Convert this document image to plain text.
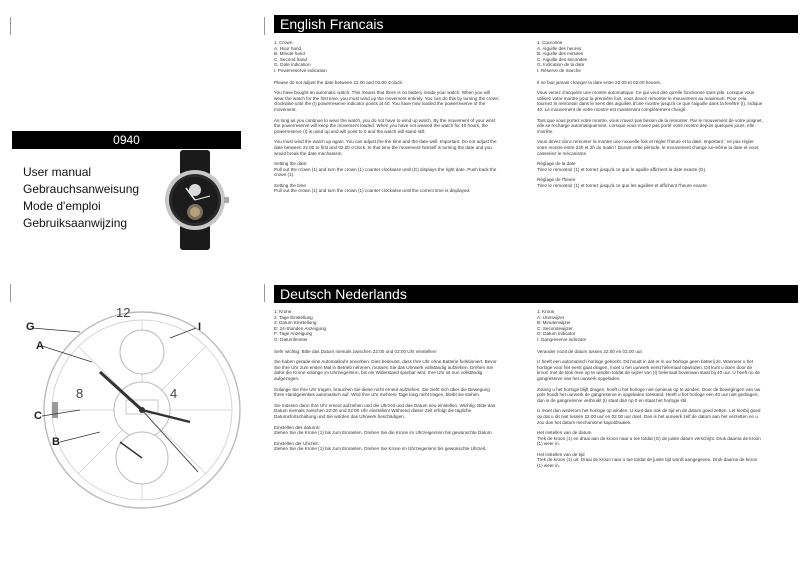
0940
User manual
Gebrauchsanweisung
Mode d'emploi
Gebruiksaanwijzing
English Francais
1. Crown
A. Hour hand
B. Minute hand
C. Second hand
G. Date indication
I. Powerreserve indication

Please do not adjust the date between 22.00 and 02.00 o'clock.

You have bought an automatic watch. This means that there is no battery inside your watch. When you will wear the watch for the first time, you must wind up the movement entirely. You can do this by turning the crown clockwise until the (I) powerreserve indicator points at 40. You have now loaded the powerreserve of the movement.

As long as you continue to wear the watch, you do not have to wind up watch. By the movement of your wrist the powerreserve will keep the movement loaded. When you have not weared the watch for 40 hours, the powerreserve (I) is used up and will point to 0 and the watch will stand still.

You must wind the watch up again. You can adjust the the time and the date well. Important: Do not adjust the date between 22.00 to first and 02.00 o'clock. In that time the movement himself is turning the date and you would break the date mechanism.

Setting the date:

Pull out the crown (1) and turn the crown (1) counter clockwise until (G) displays the right date. Push back the crown (1).

Setting the time

Pull out the crown (1) and turn the crown (1) counter clockwise until the correct time is displayed.

1. Couronne
A. Aiguille des heures
B. Aiguille des minutes
C. Aiguille des secondes
G. Indication de la date
I. Réserve de marche

Il ne faut jamais changer la date entre 22.00 et 02.00 heures.

Vous venez d'acquérir une montre automatique. Ce qui veut dire qu'elle fonctionne sans pile. Lorsque vous utilisez votre montre pour la première fois, vous devez remonter le mouvement au maximum. Pour cela, tournez le remontoir dans le sens des aiguilles d'une montre jusqu'à ce que l'aiguille dans la fenêtre (I), indique 40. Le mouvement de votre montre est maintenant complètement chargé.

Tant que vous portez votre montre, vous n'avez pas besoin de la remonter. Par le mouvement de votre poignet, elle se recharge automatiquement. Lorsque vous n'avez pas porté votre montre depuis quelques jours, elle s'arrête.

Vous devez donc remonter la montre une nouvelle fois et régler l'heure et la date. Important : ne pas régler votre montre entre 22h et 2h du matin ! Durant cette période, le mouvement change lui-même la date et vous casseriez le mécanisme.

Réglage de la date

Tirez le remontoir (1) et tornez jusqu'à ce que le aguille affichent la date exacte (G).

Réglage de l'heure

Tirez le remontoir (1) et tornez jusqu'à ce que les aguilles et affichent l'heure exacte.

G
A
C
B
I
12
8	4
Deutsch Nederlands
1: Krone
2: Tage Einstellung
3: Datum Einstellung
E: 24-Stunden Anzeigung
F: Tage Anzeigung
G: Datumfenster

Sehr wichtig: Bitte das Datum niemals zwischen 22:00 und 02:00 Uhr einstellen!

Sie haben gerade eine Automatikuhr erworben. Dies bedeutet, dass Ihre Uhr ohne Batterie funktioniert. Bevor Sie Ihre Uhr zum ersten Mal in Betrieb nehmen, müssen Sie das Uhrwerk vollständig aufziehen. Drehen Sie dafür die Krone solange im Uhrzeigersinn, bis ein Widerstand spürbar wird. Ihre Uhr ist nun vollständig aufgezogen.

Solange Sie Ihre Uhr tragen, brauchen Sie diese nicht erneut aufziehen. Sie zieht sich über die Bewegung Ihres Handgelenkes automatisch auf. Wird Ihre Uhr mehrere Tage lang nicht tragen, bleibt sie stehen.

Sie müssen dann Ihre Uhr erneut aufziehen und die Uhrzeit und das Datum neu einstellen. Wichtig: Bitte das Datum niemals zwischen 22:00 und 02:00 Uhr einstellen! Während dieser Zeit erfolgt die tägliche Datumsfortschaltung und Sie würden das Uhrwerk beschädigen.

Einstellen des datums:

Ziehen Sie die Krone (1) bis zum Einrasten. Drehen Sie die Krone im Uhrzeigersinn bis gewünschte Datum.

Einstellen der Uhrzeit:

Ziehen Sie die Krone (1) bis zum Einrasten. Drehen Sie Krone im Uhrzeigersinn bis gewünschte Uhrzeit.

1: Kroon
A: Urenwijzer
B: Minutenwijzer
C: Secondewijzer
G: Datum indicator
I: Gangreserve indicator

Verander nooit de datum tussen 22.00 en 02.00 uur.

U heeft een automatisch horloge gekocht. Dit houdt in dat er in uw horloge geen batterij zit. Wanneer u het horloge voor het eerst gaat dragen, moet u het uurwerk eerst helemaal opwinden. Dit kunt u doen door de kroon met de klok mee op te winden totdat de wijzer van (I) helemaal bovenaan staat bij 40 uur. U heeft nu de gangreserve van het uurwerk opgeladen.

Zolang u het horloge blijft dragen, hoeft u het horloge niet opnieuw op te winden. Door de bewegingen van uw pols houdt het uurwerk de gangreserve in opgeladen toestand. Heeft u het horloge een 40 uur niet gedragen, dan is de gangreserve verbruikt (I) staat dan op 0 en staat het horloge stil.

U moet dan wederom het horloge op winden. U kunt dan ook de tijd en de datum goed zetten. Let hierbij goed op dat u dit niet tussen 22.00 uur en 02.00 uur doet. Dan is het uurwerk zelf de datum aan het verzetten en u zou dan het datum mechanisme kapotdraaien.

Het instellen van de datum

Trek de kroon (1) en draai aan de kroon naar u toe totdat (G) de juiste datum verschijnt. Druk daarna de kroon (1) weer in.

Het instellen van de tijd

Trek de kroon (1) uit. Draai de kroon naar u toe totdat de juiste tijd wordt aangegeven. Druk daarna de kroon (1) weer in.
